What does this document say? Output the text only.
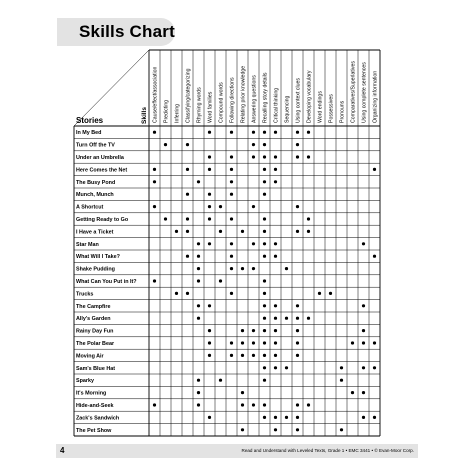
Skills Chart
Stories	Skills Cause/effect/association Predicting Inferring Classifying/categorizing Rhyming words Word families Compound words Following directions Relating prior knowledge Answering questions Recalling story details Critical thinking Sequencing Using context clues Developing vocabulary Word endings Possessives Pronouns Comparatives/Superlatives Using complete sentences Organizing information
In My Bed
Turn Off the TV
Under an Umbrella
Here Comes the Net
The Busy Pond
Munch, Munch
A Shortcut
Getting Ready to Go
I Have a Ticket
Star Man
What Will I Take?
Shake Pudding
What Can You Put in It?
Trucks
The Campfire
Ally's Garden
Rainy Day Fun
The Polar Bear
Moving Air
Sam's Blue Hat
Sparky
It's Morning
Hide-and-Seek
Zack's Sandwich
The Pet Show
4	Read and Understand with Leveled Texts, Grade 1 • EMC 3441 • © Evan-Moor Corp.
